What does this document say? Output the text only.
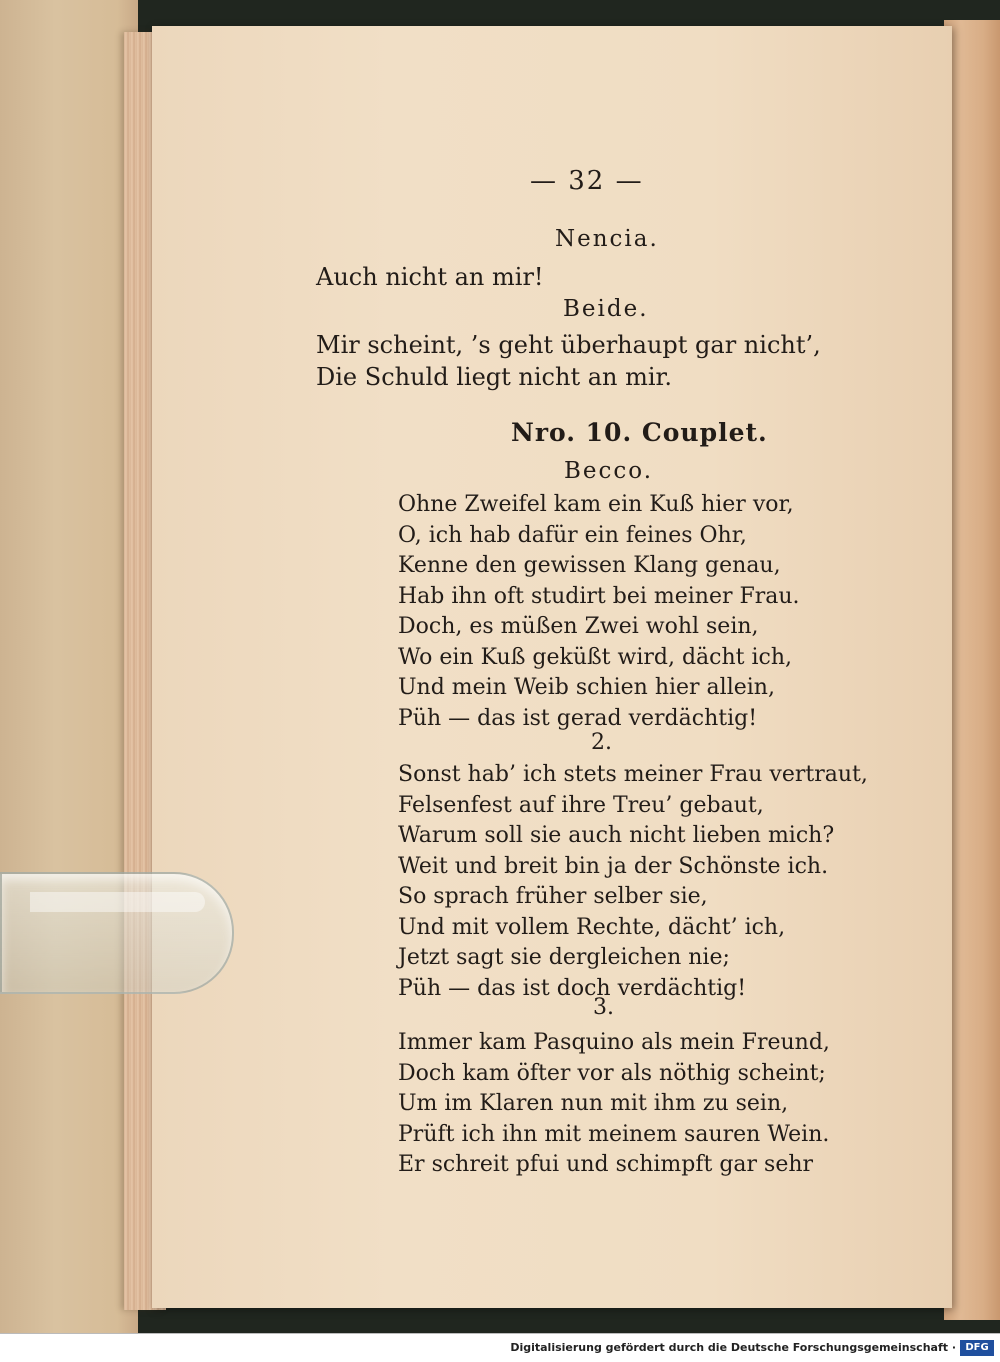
— 32 —
Nencia.
Auch nicht an mir!
Beide.
Mir scheint, ’s geht überhaupt gar nicht’,
Die Schuld liegt nicht an mir.
Nro. 10. Couplet.
Becco.
Ohne Zweifel kam ein Kuß hier vor,
O, ich hab dafür ein feines Ohr,
Kenne den gewissen Klang genau,
Hab ihn oft studirt bei meiner Frau.
Doch, es müßen Zwei wohl sein,
Wo ein Kuß geküßt wird, dächt ich,
Und mein Weib schien hier allein,
Püh — das ist gerad verdächtig!
2.
Sonst hab’ ich stets meiner Frau vertraut,
Felsenfest auf ihre Treu’ gebaut,
Warum soll sie auch nicht lieben mich?
Weit und breit bin ja der Schönste ich.
So sprach früher selber sie,
Und mit vollem Rechte, dächt’ ich,
Jetzt sagt sie dergleichen nie;
Püh — das ist doch verdächtig!
3.
Immer kam Pasquino als mein Freund,
Doch kam öfter vor als nöthig scheint;
Um im Klaren nun mit ihm zu sein,
Prüft ich ihn mit meinem sauren Wein.
Er schreit pfui und schimpft gar sehr
Digitalisierung gefördert durch die Deutsche Forschungsgemeinschaft · DFG
